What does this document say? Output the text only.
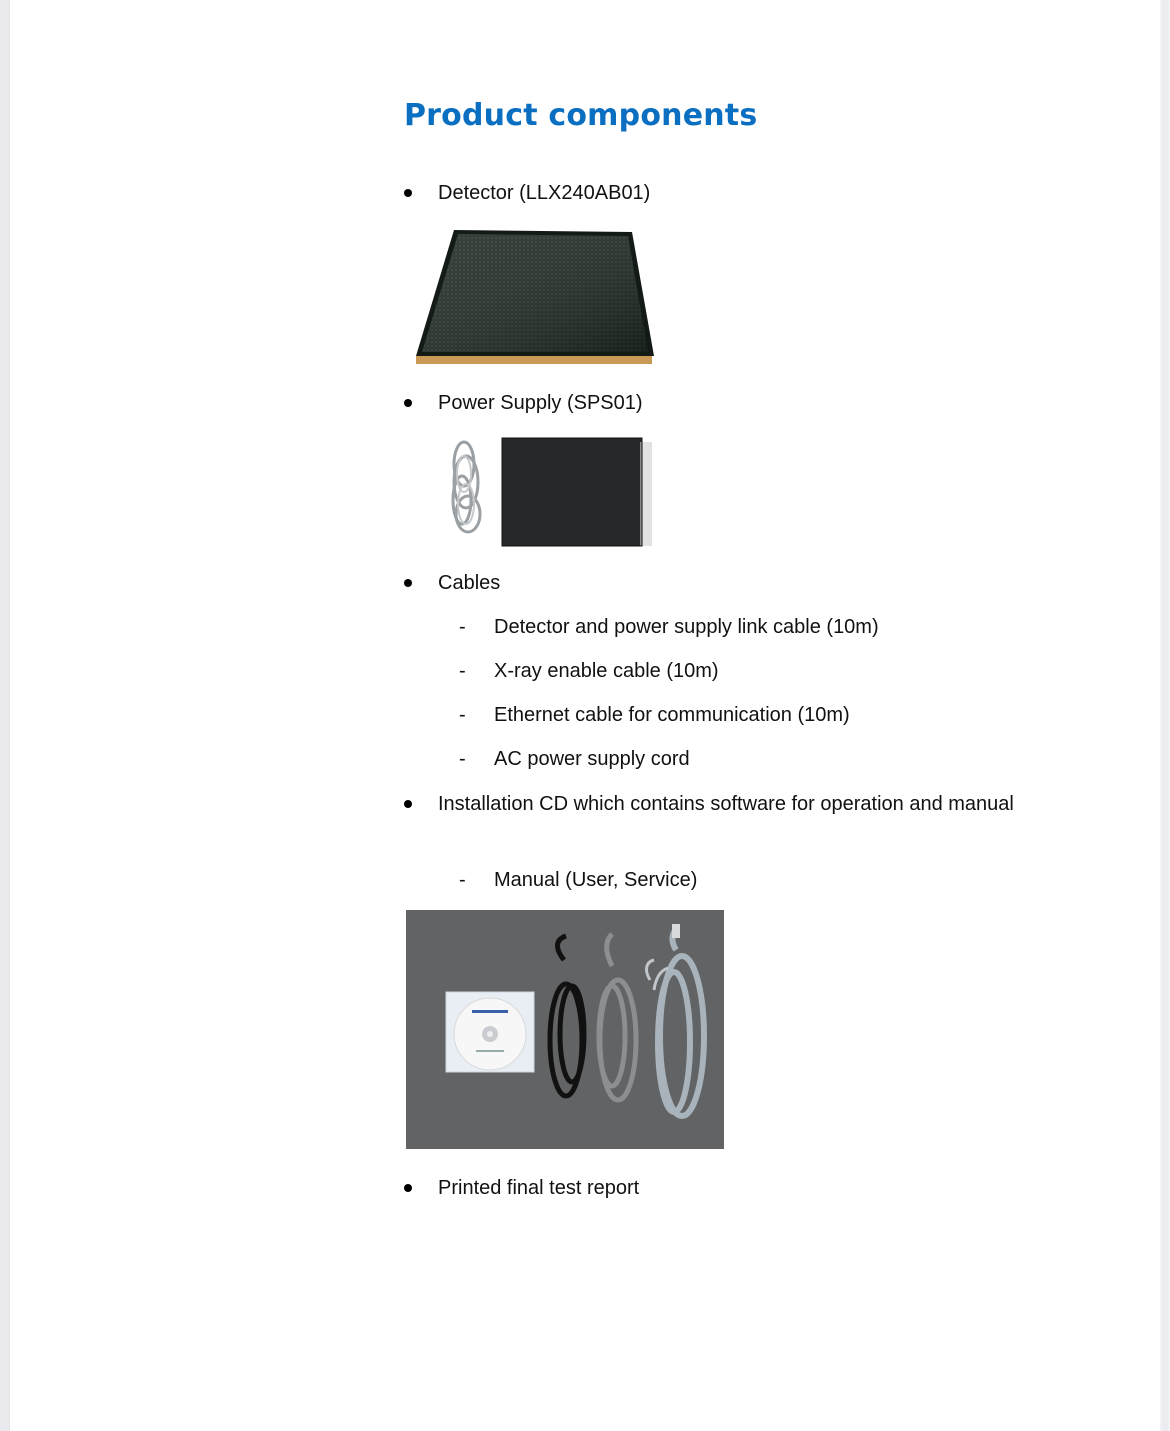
Product components
Detector (LLX240AB01)
Power Supply (SPS01)
Cables
- Detector and power supply link cable (10m)
- X-ray enable cable (10m)
- Ethernet cable for communication (10m)
- AC power supply cord
Installation CD which contains software for operation and manual
- Manual (User, Service)
Printed final test report
